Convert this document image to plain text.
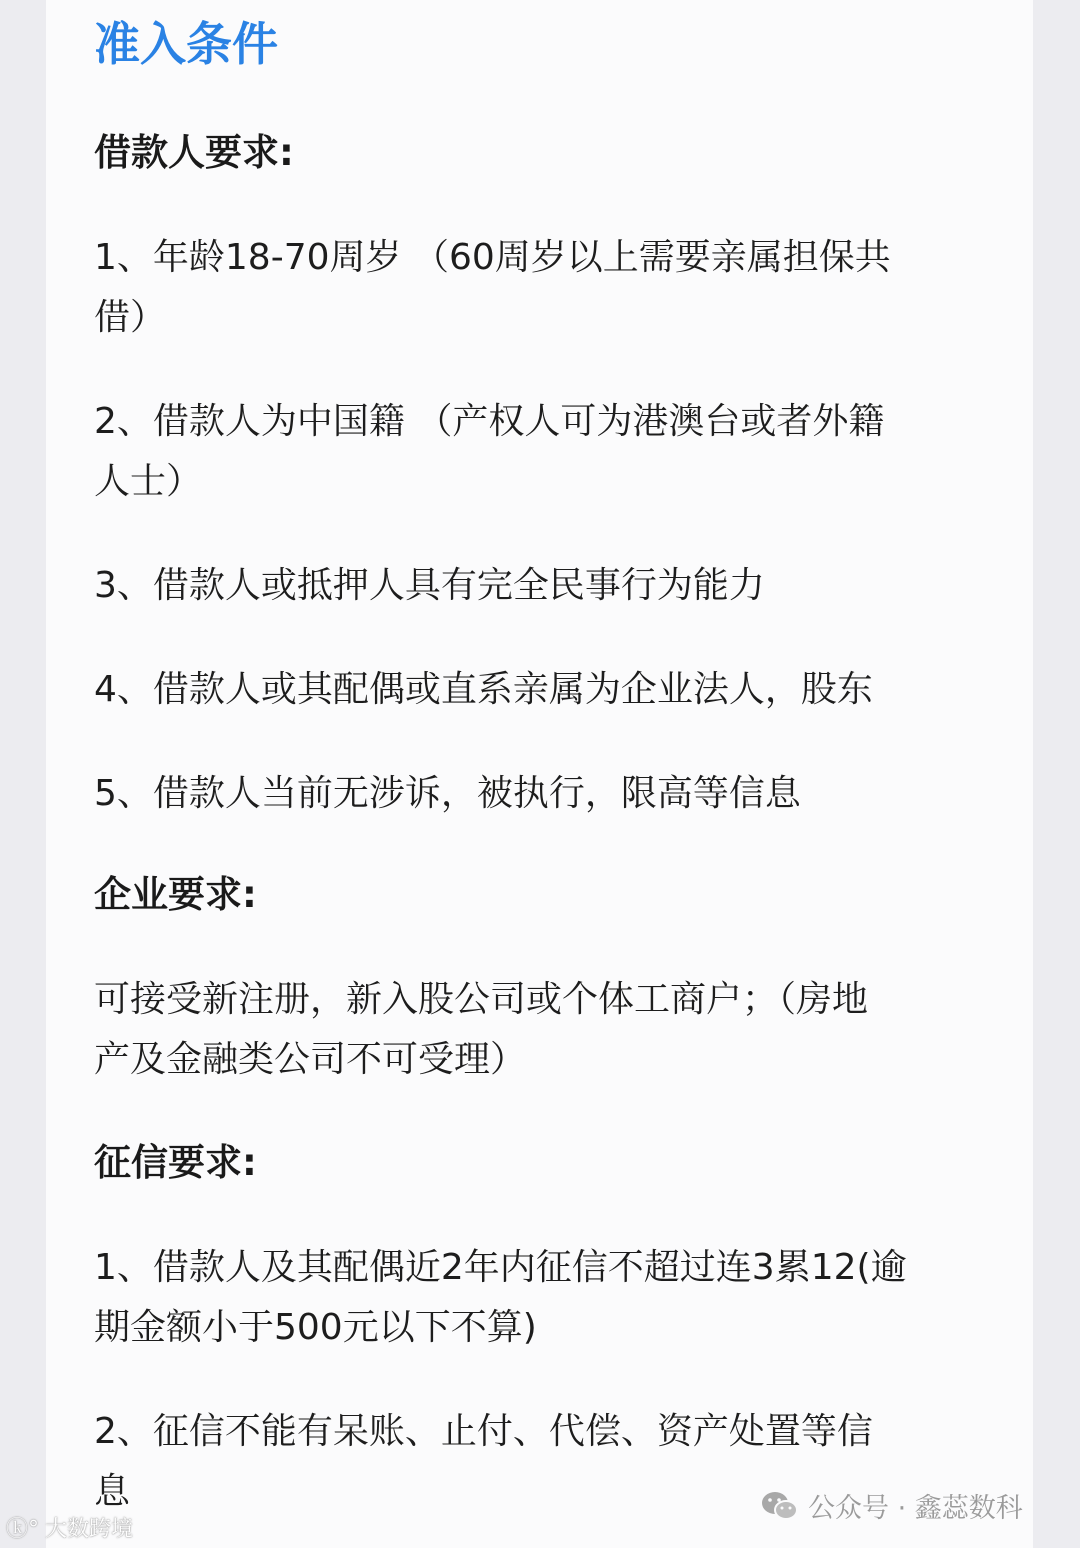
准入条件
借款人要求:
1、年龄18-70周岁 （60周岁以上需要亲属担保共
借）
2、借款人为中国籍 （产权人可为港澳台或者外籍
人士）
3、借款人或抵押人具有完全民事行为能力
4、借款人或其配偶或直系亲属为企业法人，股东
5、借款人当前无涉诉，被执行，限高等信息
企业要求:
可接受新注册，新入股公司或个体工商户；（房地
产及金融类公司不可受理）
征信要求:
1、借款人及其配偶近2年内征信不超过连3累12(逾
期金额小于500元以下不算)
2、征信不能有呆账、止付、代偿、资产处置等信
息
ⓚ° 大数跨境
公众号 · 鑫蕊数科
